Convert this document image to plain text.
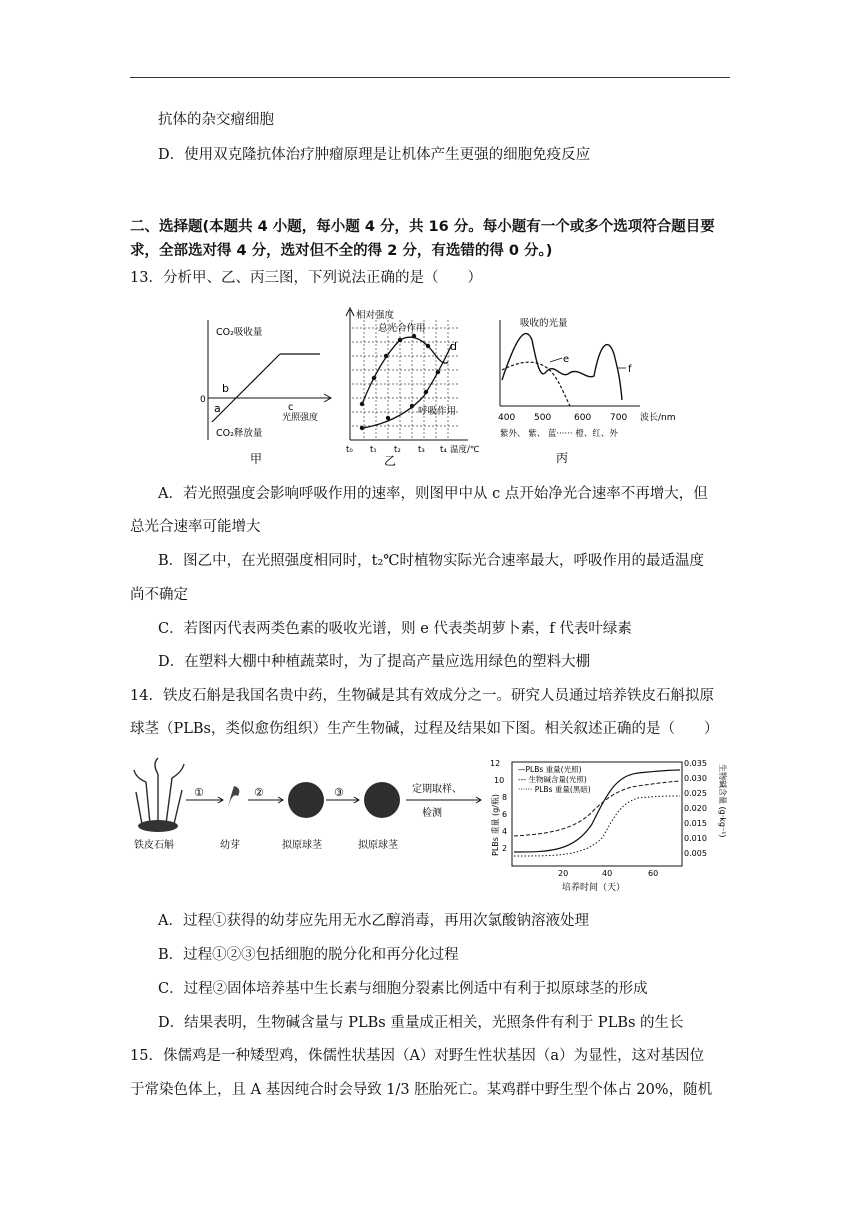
抗体的杂交瘤细胞
D．使用双克隆抗体治疗肿瘤原理是让机体产生更强的细胞免疫反应
二、选择题(本题共 4 小题，每小题 4 分，共 16 分。每小题有一个或多个选项符合题目要
求，全部选对得 4 分，选对但不全的得 2 分，有选错的得 0 分。)
13．分析甲、乙、丙三图，下列说法正确的是（　　）
CO₂吸收量
CO₂释放量
0
a
b
c
光照强度
甲
相对强度
总光合作用
d
呼吸作用
t₀ t₁ t₂ t₃ t₄ 温度/℃
乙
吸收的光量
e
f
400 500	600 700 波长/nm
紫外、 紫、 蓝······ 橙、红、外
丙
A．若光照强度会影响呼吸作用的速率，则图甲中从 c 点开始净光合速率不再增大，但
总光合速率可能增大
B．图乙中，在光照强度相同时，t₂℃时植物实际光合速率最大，呼吸作用的最适温度
尚不确定
C．若图丙代表两类色素的吸收光谱，则 e 代表类胡萝卜素，f 代表叶绿素
D．在塑料大棚中种植蔬菜时，为了提高产量应选用绿色的塑料大棚
14．铁皮石斛是我国名贵中药，生物碱是其有效成分之一。研究人员通过培养铁皮石斛拟原
球茎（PLBs，类似愈伤组织）生产生物碱，过程及结果如下图。相关叙述正确的是（　　）
①	②	③	定期取样、
检测
铁皮石斛	幼芽	拟原球茎	拟原球茎
12
10
8
6
4
2
0.035
0.030
0.025
0.020
0.015
0.010
0.005
20	40	60
培养时间（天）
PLBs 重量 (g/瓶)	生物碱含量 (g·kg⁻¹)
—PLBs 重量(光照)
--- 生物碱含量(光照)
······ PLBs 重量(黑暗)
A．过程①获得的幼芽应先用无水乙醇消毒，再用次氯酸钠溶液处理
B．过程①②③包括细胞的脱分化和再分化过程
C．过程②固体培养基中生长素与细胞分裂素比例适中有利于拟原球茎的形成
D．结果表明，生物碱含量与 PLBs 重量成正相关，光照条件有利于 PLBs 的生长
15．侏儒鸡是一种矮型鸡，侏儒性状基因（A）对野生性状基因（a）为显性，这对基因位
于常染色体上，且 A 基因纯合时会导致 1/3 胚胎死亡。某鸡群中野生型个体占 20%，随机
